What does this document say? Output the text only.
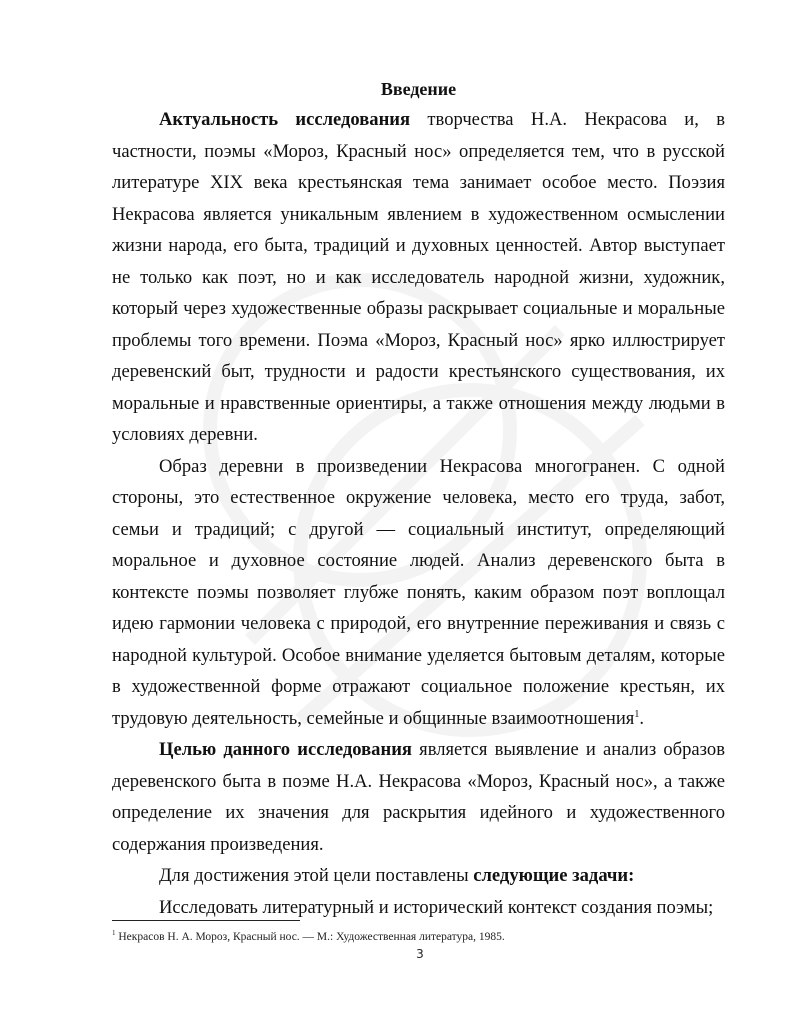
Введение

Актуальность исследования творчества Н.А. Некрасова и, в частности, поэмы «Мороз, Красный нос» определяется тем, что в русской литературе XIX века крестьянская тема занимает особое место. Поэзия Некрасова является уникальным явлением в художественном осмыслении жизни народа, его быта, традиций и духовных ценностей. Автор выступает не только как поэт, но и как исследователь народной жизни, художник, который через художественные образы раскрывает социальные и моральные проблемы того времени. Поэма «Мороз, Красный нос» ярко иллюстрирует деревенский быт, трудности и радости крестьянского существования, их моральные и нравственные ориентиры, а также отношения между людьми в условиях деревни.

Образ деревни в произведении Некрасова многогранен. С одной стороны, это естественное окружение человека, место его труда, забот, семьи и традиций; с другой — социальный институт, определяющий моральное и духовное состояние людей. Анализ деревенского быта в контексте поэмы позволяет глубже понять, каким образом поэт воплощал идею гармонии человека с природой, его внутренние переживания и связь с народной культурой. Особое внимание уделяется бытовым деталям, которые в художественной форме отражают социальное положение крестьян, их трудовую деятельность, семейные и общинные взаимоотношения$^1$.

Целью данного исследования является выявление и анализ образов деревенского быта в поэме Н.А. Некрасова «Мороз, Красный нос», а также определение их значения для раскрытия идейного и художественного содержания произведения.

Для достижения этой цели поставлены следующие задачи:

Исследовать литературный и исторический контекст создания поэмы;

$^1$ Некрасов Н. А. Мороз, Красный нос. — М.: Художественная литература, 1985.
3
